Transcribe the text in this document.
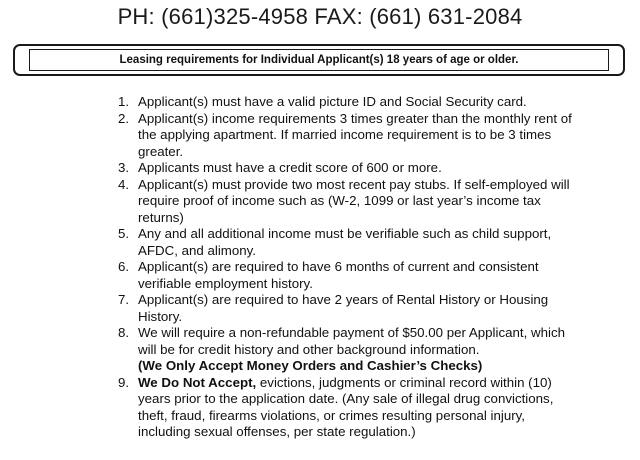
PH: (661)325-4958 FAX: (661) 631-2084
Leasing requirements for Individual Applicant(s) 18 years of age or older.
1. Applicant(s) must have a valid picture ID and Social Security card.
2. Applicant(s) income requirements 3 times greater than the monthly rent of the applying apartment. If married income requirement is to be 3 times greater.
3. Applicants must have a credit score of 600 or more.
4. Applicant(s) must provide two most recent pay stubs. If self-employed will require proof of income such as (W-2, 1099 or last year’s income tax returns)
5. Any and all additional income must be verifiable such as child support, AFDC, and alimony.
6. Applicant(s) are required to have 6 months of current and consistent verifiable employment history.
7. Applicant(s) are required to have 2 years of Rental History or Housing History.
8. We will require a non-refundable payment of $50.00 per Applicant, which will be for credit history and other background information.
(We Only Accept Money Orders and Cashier’s Checks)
9. We Do Not Accept, evictions, judgments or criminal record within (10) years prior to the application date. (Any sale of illegal drug convictions, theft, fraud, firearms violations, or crimes resulting personal injury, including sexual offenses, per state regulation.)
